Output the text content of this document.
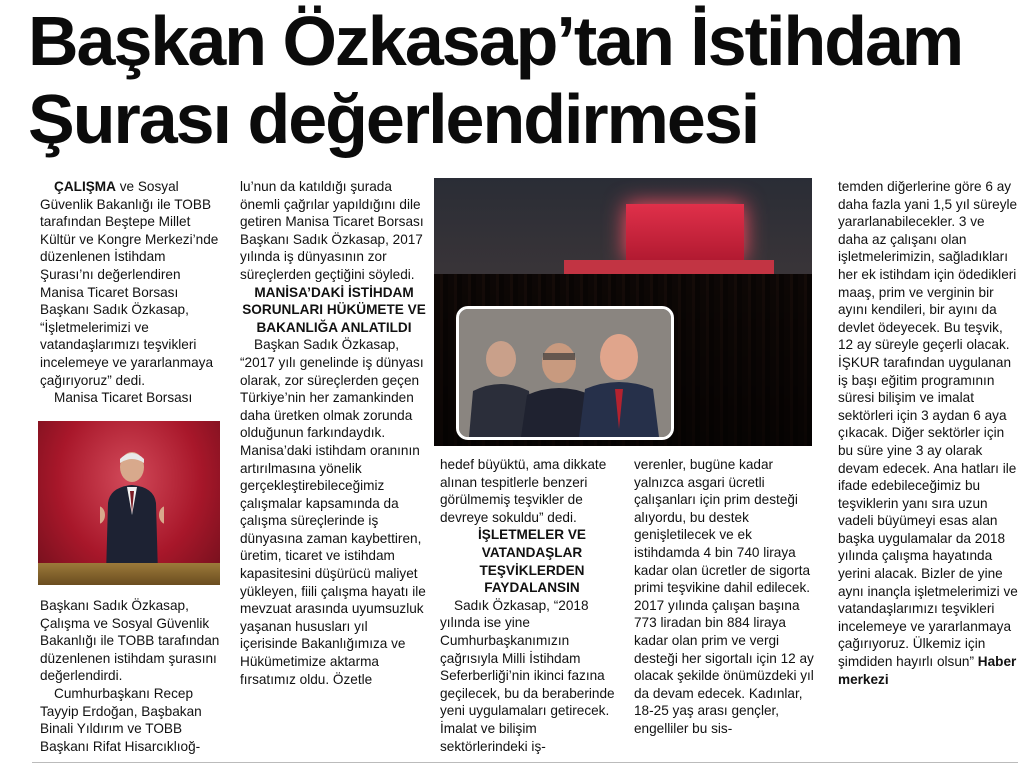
Başkan Özkasap’tan İstihdam
Şurası değerlendirmesi

ÇALIŞMA ve Sosyal Güvenlik Bakanlığı ile TOBB tarafından Beştepe Millet Kültür ve Kongre Merkezi’nde düzenlenen İstihdam Şurası’nı değerlendiren Manisa Ticaret Borsası Başkanı Sadık Özkasap, “İşletmelerimizi ve vatandaşlarımızı teşvikleri incelemeye ve yararlanmaya çağırıyoruz” dedi.

Manisa Ticaret Borsası

Başkanı Sadık Özkasap, Çalışma ve Sosyal Güvenlik Bakanlığı ile TOBB tarafından düzenlenen istihdam şurasını değerlendirdi.

Cumhurbaşkanı Recep Tayyip Erdoğan, Başbakan Binali Yıldırım ve TOBB Başkanı Rifat Hisarcıklıoğ-

lu’nun da katıldığı şurada önemli çağrılar yapıldığını dile getiren Manisa Ticaret Borsası Başkanı Sadık Özkasap, 2017 yılında iş dünyasının zor süreçlerden geçtiğini söyledi.

MANİSA’DAKİ İSTİHDAM SORUNLARI HÜKÜMETE VE BAKANLIĞA ANLATILDI

Başkan Sadık Özkasap, “2017 yılı genelinde iş dünyası olarak, zor süreçlerden geçen Türkiye’nin her zamankinden daha üretken olmak zorunda olduğunun farkındaydık. Manisa’daki istihdam oranının artırılmasına yönelik gerçekleştirebileceğimiz çalışmalar kapsamında da çalışma süreçlerinde iş dünyasına zaman kaybettiren, üretim, ticaret ve istihdam kapasitesini düşürücü maliyet yükleyen, fiili çalışma hayatı ile mevzuat arasında uyumsuzluk yaşanan hususları yıl içerisinde Bakanlığımıza ve Hükümetimize aktarma fırsatımız oldu. Özetle

hedef büyüktü, ama dikkate alınan tespitlerle benzeri görülmemiş teşvikler de devreye sokuldu” dedi.

İŞLETMELER VE VATANDAŞLAR TEŞVİKLERDEN FAYDALANSIN

Sadık Özkasap, “2018 yılında ise yine Cumhurbaşkanımızın çağrısıyla Milli İstihdam Seferberliği’nin ikinci fazına geçilecek, bu da beraberinde yeni uygulamaları getirecek. İmalat ve bilişim sektörlerindeki iş-

verenler, bugüne kadar yalnızca asgari ücretli çalışanları için prim desteği alıyordu, bu destek genişletilecek ve ek istihdamda 4 bin 740 liraya kadar olan ücretler de sigorta primi teşvikine dahil edilecek. 2017 yılında çalışan başına 773 liradan bin 884 liraya kadar olan prim ve vergi desteği her sigortalı için 12 ay olacak şekilde önümüzdeki yıl da devam edecek. Kadınlar, 18-25 yaş arası gençler, engelliler bu sis-

temden diğerlerine göre 6 ay daha fazla yani 1,5 yıl süreyle yararlanabilecekler. 3 ve daha az çalışanı olan işletmelerimizin, sağladıkları her ek istihdam için ödedikleri maaş, prim ve verginin bir ayını kendileri, bir ayını da devlet ödeyecek. Bu teşvik, 12 ay süreyle geçerli olacak. İŞKUR tarafından uygulanan iş başı eğitim programının süresi bilişim ve imalat sektörleri için 3 aydan 6 aya çıkacak. Diğer sektörler için bu süre yine 3 ay olarak devam edecek. Ana hatları ile ifade edebileceğimiz bu teşviklerin yanı sıra uzun vadeli büyümeyi esas alan başka uygulamalar da 2018 yılında çalışma hayatında yerini alacak. Bizler de yine aynı inançla işletmelerimizi ve vatandaşlarımızı teşvikleri incelemeye ve yararlanmaya çağırıyoruz. Ülkemiz için şimdiden hayırlı olsun” Haber merkezi
